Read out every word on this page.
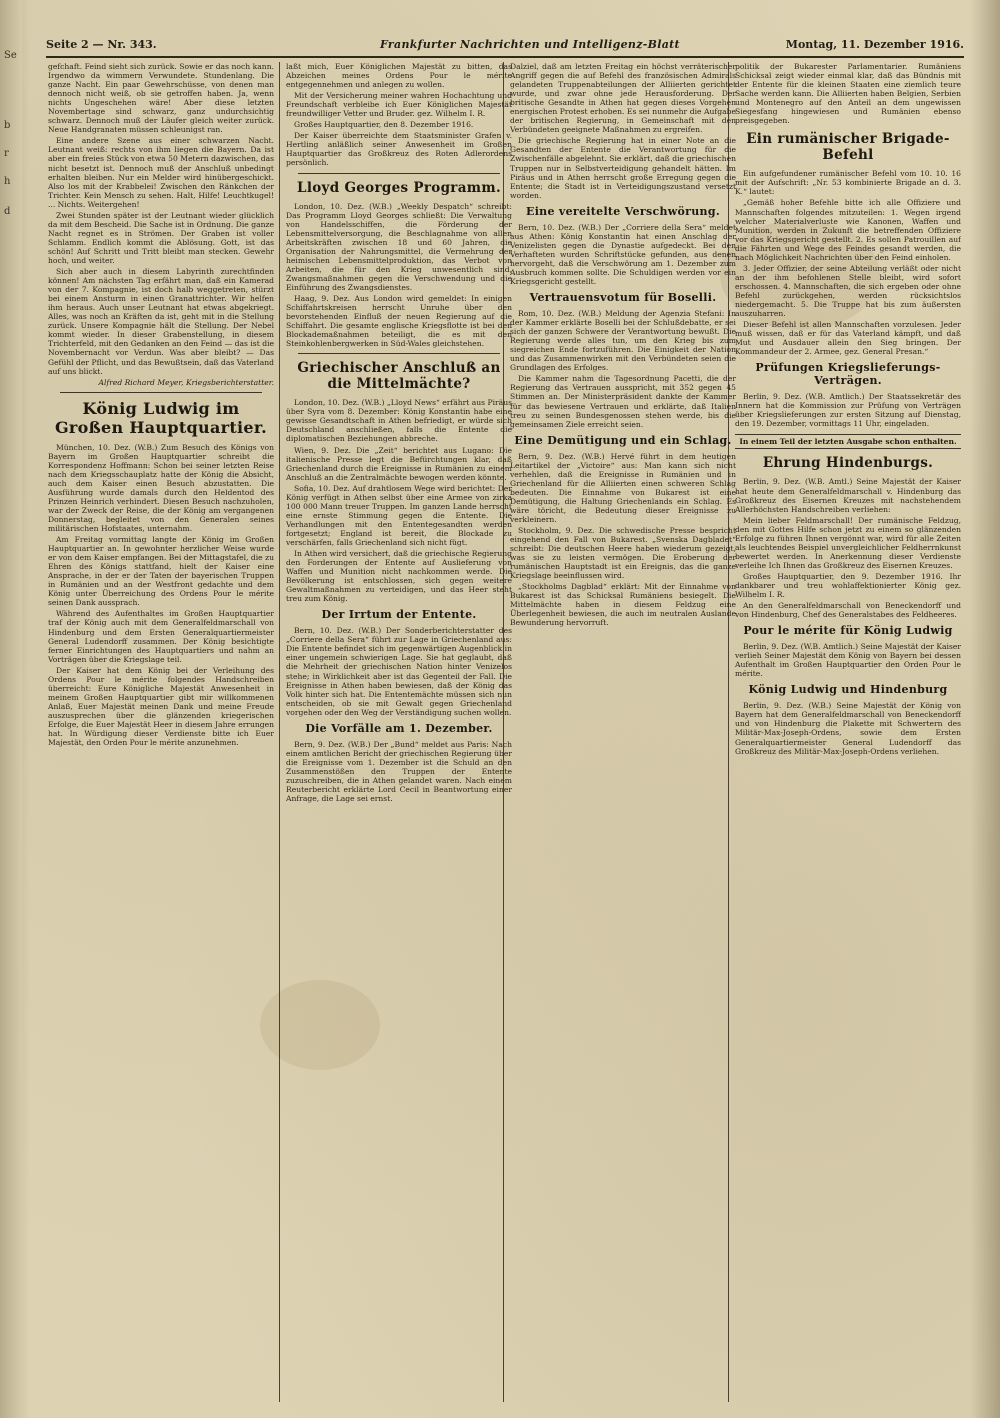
Se
b
r
h
d
Seite 2 — Nr. 343.	Frankfurter Nachrichten und Intelligenz-Blatt	Montag, 11. Dezember 1916.

gefchaft. Feind sieht sich zurück. Sowie er das noch kann. Irgendwo da wimmern Verwundete. Stundenlang. Die ganze Nacht. Ein paar Gewehrschüsse, von denen man dennoch nicht weiß, ob sie getroffen haben. Ja, wenn nichts Ungeschehen wäre! Aber diese letzten Novembertage sind schwarz, ganz undurchsichtig schwarz. Dennoch muß der Läufer gleich weiter zurück. Neue Handgranaten müssen schleunigst ran.

Eine andere Szene aus einer schwarzen Nacht. Leutnant weiß: rechts von ihm liegen die Bayern. Da ist aber ein freies Stück von etwa 50 Metern dazwischen, das nicht besetzt ist. Dennoch muß der Anschluß unbedingt erhalten bleiben. Nur ein Melder wird hinübergeschickt. Also los mit der Krabbelei! Zwischen den Ränkchen der Trichter. Kein Mensch zu sehen. Halt, Hilfe! Leuchtkugel! ... Nichts. Weitergehen!

Zwei Stunden später ist der Leutnant wieder glücklich da mit dem Bescheid. Die Sache ist in Ordnung. Die ganze Nacht regnet es in Strömen. Der Graben ist voller Schlamm. Endlich kommt die Ablösung. Gott, ist das schön! Auf Schritt und Tritt bleibt man stecken. Gewehr hoch, und weiter.

Sich aber auch in diesem Labyrinth zurechtfinden können! Am nächsten Tag erfährt man, daß ein Kamerad von der 7. Kompagnie, ist doch halb weggetreten, stürzt bei einem Ansturm in einen Granattrichter. Wir helfen ihm heraus. Auch unser Leutnant hat etwas abgekriegt. Alles, was noch an Kräften da ist, geht mit in die Stellung zurück. Unsere Kompagnie hält die Stellung. Der Nebel kommt wieder. In dieser Grabenstellung, in diesem Trichterfeld, mit den Gedanken an den Feind — das ist die Novembernacht vor Verdun. Was aber bleibt? — Das Gefühl der Pflicht, und das Bewußtsein, daß das Vaterland auf uns blickt.

Alfred Richard Meyer, Kriegsberichterstatter.
König Ludwig im Großen Hauptquartier.

München, 10. Dez. (W.B.) Zum Besuch des Königs von Bayern im Großen Hauptquartier schreibt die Korrespondenz Hoffmann: Schon bei seiner letzten Reise nach dem Kriegsschauplatz hatte der König die Absicht, auch dem Kaiser einen Besuch abzustatten. Die Ausführung wurde damals durch den Heldentod des Prinzen Heinrich verhindert. Diesen Besuch nachzuholen, war der Zweck der Reise, die der König am vergangenen Donnerstag, begleitet von den Generalen seines militärischen Hofstaates, unternahm.

Am Freitag vormittag langte der König im Großen Hauptquartier an. In gewohnter herzlicher Weise wurde er von dem Kaiser empfangen. Bei der Mittagstafel, die zu Ehren des Königs stattfand, hielt der Kaiser eine Ansprache, in der er der Taten der bayerischen Truppen in Rumänien und an der Westfront gedachte und dem König unter Überreichung des Ordens Pour le mérite seinen Dank aussprach.

Während des Aufenthaltes im Großen Hauptquartier traf der König auch mit dem Generalfeldmarschall von Hindenburg und dem Ersten Generalquartiermeister General Ludendorff zusammen. Der König besichtigte ferner Einrichtungen des Hauptquartiers und nahm an Vorträgen über die Kriegslage teil.

Der Kaiser hat dem König bei der Verleihung des Ordens Pour le mérite folgendes Handschreiben überreicht: Eure Königliche Majestät Anwesenheit in meinem Großen Hauptquartier gibt mir willkommenen Anlaß, Euer Majestät meinen Dank und meine Freude auszusprechen über die glänzenden kriegerischen Erfolge, die Euer Majestät Heer in diesem Jahre errungen hat. In Würdigung dieser Verdienste bitte ich Euer Majestät, den Orden Pour le mérite anzunehmen.

laßt mich, Euer Königlichen Majestät zu bitten, das Abzeichen meines Ordens Pour le mérite entgegennehmen und anlegen zu wollen.

Mit der Versicherung meiner wahren Hochachtung und Freundschaft verbleibe ich Euer Königlichen Majestät freundwilliger Vetter und Bruder. gez. Wilhelm I. R.

Großes Hauptquartier, den 8. Dezember 1916.

Der Kaiser überreichte dem Staatsminister Grafen v. Hertling anläßlich seiner Anwesenheit im Großen Hauptquartier das Großkreuz des Roten Adlerordens persönlich.

Lloyd Georges Programm.

London, 10. Dez. (W.B.) „Weekly Despatch“ schreibt: Das Programm Lloyd Georges schließt: Die Verwaltung von Handelsschiffen, die Förderung der Lebensmittelversorgung, die Beschlagnahme von allen Arbeitskräften zwischen 18 und 60 Jahren, die Organisation der Nahrungsmittel, die Vermehrung der heimischen Lebensmittelproduktion, das Verbot von Arbeiten, die für den Krieg unwesentlich sind, Zwangsmaßnahmen gegen die Verschwendung und die Einführung des Zwangsdienstes.

Haag, 9. Dez. Aus London wird gemeldet: In einigen Schiffahrtskreisen herrscht Unruhe über den bevorstehenden Einfluß der neuen Regierung auf die Schiffahrt. Die gesamte englische Kriegsflotte ist bei den Blockademaßnahmen beteiligt, die es mit den Steinkohlenbergwerken in Süd-Wales gleichstehen.

Griechischer Anschluß an die Mittelmächte?

London, 10. Dez. (W.B.) „Lloyd News“ erfährt aus Piräus über Syra vom 8. Dezember: König Konstantin habe eine gewisse Gesandtschaft in Athen befriedigt, er würde sich Deutschland anschließen, falls die Entente die diplomatischen Beziehungen abbreche.

Wien, 9. Dez. Die „Zeit“ berichtet aus Lugano: Die italienische Presse legt die Befürchtungen klar, daß Griechenland durch die Ereignisse in Rumänien zu einem Anschluß an die Zentralmächte bewogen werden könnte.

Sofia, 10. Dez. Auf drahtlosem Wege wird berichtet: Der König verfügt in Athen selbst über eine Armee von zirka 100 000 Mann treuer Truppen. Im ganzen Lande herrscht eine ernste Stimmung gegen die Entente. Die Verhandlungen mit den Ententegesandten werden fortgesetzt; England ist bereit, die Blockade zu verschärfen, falls Griechenland sich nicht fügt.

In Athen wird versichert, daß die griechische Regierung den Forderungen der Entente auf Auslieferung von Waffen und Munition nicht nachkommen werde. Die Bevölkerung ist entschlossen, sich gegen weitere Gewaltmaßnahmen zu verteidigen, und das Heer steht treu zum König.

Der Irrtum der Entente.

Bern, 10. Dez. (W.B.) Der Sonderberichterstatter des „Corriere della Sera“ führt zur Lage in Griechenland aus: Die Entente befindet sich im gegenwärtigen Augenblick in einer ungemein schwierigen Lage. Sie hat geglaubt, daß die Mehrheit der griechischen Nation hinter Venizelos stehe; in Wirklichkeit aber ist das Gegenteil der Fall. Die Ereignisse in Athen haben bewiesen, daß der König das Volk hinter sich hat. Die Ententemächte müssen sich nun entscheiden, ob sie mit Gewalt gegen Griechenland vorgehen oder den Weg der Verständigung suchen wollen.

Die Vorfälle am 1. Dezember.

Bern, 9. Dez. (W.B.) Der „Bund“ meldet aus Paris: Nach einem amtlichen Bericht der griechischen Regierung über die Ereignisse vom 1. Dezember ist die Schuld an den Zusammenstößen den Truppen der Entente zuzuschreiben, die in Athen gelandet waren. Nach einem Reuterbericht erklärte Lord Cecil in Beantwortung einer Anfrage, die Lage sei ernst.

Dalziel, daß am letzten Freitag ein höchst verräterischer Angriff gegen die auf Befehl des französischen Admirals gelandeten Truppenabteilungen der Alliierten gerichtet wurde, und zwar ohne jede Herausforderung. Der britische Gesandte in Athen hat gegen dieses Vorgehen energischen Protest erhoben. Es sei nunmehr die Aufgabe der britischen Regierung, in Gemeinschaft mit den Verbündeten geeignete Maßnahmen zu ergreifen.

Die griechische Regierung hat in einer Note an die Gesandten der Entente die Verantwortung für die Zwischenfälle abgelehnt. Sie erklärt, daß die griechischen Truppen nur in Selbstverteidigung gehandelt hätten. Im Piräus und in Athen herrscht große Erregung gegen die Entente; die Stadt ist in Verteidigungszustand versetzt worden.

Eine vereitelte Verschwörung.

Bern, 10. Dez. (W.B.) Der „Corriere della Sera“ meldet aus Athen: König Konstantin hat einen Anschlag der Venizelisten gegen die Dynastie aufgedeckt. Bei den Verhafteten wurden Schriftstücke gefunden, aus denen hervorgeht, daß die Verschwörung am 1. Dezember zum Ausbruch kommen sollte. Die Schuldigen werden vor ein Kriegsgericht gestellt.

Vertrauensvotum für Boselli.

Rom, 10. Dez. (W.B.) Meldung der Agenzia Stefani: In der Kammer erklärte Boselli bei der Schlußdebatte, er sei sich der ganzen Schwere der Verantwortung bewußt. Die Regierung werde alles tun, um den Krieg bis zum siegreichen Ende fortzuführen. Die Einigkeit der Nation und das Zusammenwirken mit den Verbündeten seien die Grundlagen des Erfolges.

Die Kammer nahm die Tagesordnung Pacetti, die der Regierung das Vertrauen ausspricht, mit 352 gegen 45 Stimmen an. Der Ministerpräsident dankte der Kammer für das bewiesene Vertrauen und erklärte, daß Italien treu zu seinen Bundesgenossen stehen werde, bis die gemeinsamen Ziele erreicht seien.

Eine Demütigung und ein Schlag.

Bern, 9. Dez. (W.B.) Hervé führt in dem heutigen Leitartikel der „Victoire“ aus: Man kann sich nicht verhehlen, daß die Ereignisse in Rumänien und in Griechenland für die Alliierten einen schweren Schlag bedeuten. Die Einnahme von Bukarest ist eine Demütigung, die Haltung Griechenlands ein Schlag. Es wäre töricht, die Bedeutung dieser Ereignisse zu verkleinern.

Stockholm, 9. Dez. Die schwedische Presse bespricht eingehend den Fall von Bukarest. „Svenska Dagbladet“ schreibt: Die deutschen Heere haben wiederum gezeigt, was sie zu leisten vermögen. Die Eroberung der rumänischen Hauptstadt ist ein Ereignis, das die ganze Kriegslage beeinflussen wird.

„Stockholms Dagblad“ erklärt: Mit der Einnahme von Bukarest ist das Schicksal Rumäniens besiegelt. Die Mittelmächte haben in diesem Feldzug eine Überlegenheit bewiesen, die auch im neutralen Auslande Bewunderung hervorruft.

politik der Bukarester Parlamentarier. Rumäniens Schicksal zeigt wieder einmal klar, daß das Bündnis mit der Entente für die kleinen Staaten eine ziemlich teure Sache werden kann. Die Alliierten haben Belgien, Serbien und Montenegro auf den Anteil an dem ungewissen Siegesfang hingewiesen und Rumänien ebenso preisgegeben.

Ein rumänischer Brigade-Befehl

Ein aufgefundener rumänischer Befehl vom 10. 10. 16 mit der Aufschrift: „Nr. 53 kombinierte Brigade an d. 3. K.“ lautet:

„Gemäß hoher Befehle bitte ich alle Offiziere und Mannschaften folgendes mitzuteilen: 1. Wegen irgend welcher Materialverluste wie Kanonen, Waffen und Munition, werden in Zukunft die betreffenden Offiziere vor das Kriegsgericht gestellt. 2. Es sollen Patrouillen auf die Fährten und Wege des Feindes gesandt werden, die nach Möglichkeit Nachrichten über den Feind einholen.

3. Jeder Offizier, der seine Abteilung verläßt oder nicht an der ihm befohlenen Stelle bleibt, wird sofort erschossen. 4. Mannschaften, die sich ergeben oder ohne Befehl zurückgehen, werden rücksichtslos niedergemacht. 5. Die Truppe hat bis zum äußersten auszuharren.

Dieser Befehl ist allen Mannschaften vorzulesen. Jeder muß wissen, daß er für das Vaterland kämpft, und daß Mut und Ausdauer allein den Sieg bringen. Der Kommandeur der 2. Armee, gez. General Presan.“

Prüfungen Kriegslieferungs-Verträgen.

Berlin, 9. Dez. (W.B. Amtlich.) Der Staatssekretär des Innern hat die Kommission zur Prüfung von Verträgen über Kriegslieferungen zur ersten Sitzung auf Dienstag, den 19. Dezember, vormittags 11 Uhr, eingeladen.

In einem Teil der letzten Ausgabe schon enthalten.
Ehrung Hindenburgs.

Berlin, 9. Dez. (W.B. Amtl.) Seine Majestät der Kaiser hat heute dem Generalfeldmarschall v. Hindenburg das Großkreuz des Eisernen Kreuzes mit nachstehendem Allerhöchsten Handschreiben verliehen:

Mein lieber Feldmarschall! Der rumänische Feldzug, den mit Gottes Hilfe schon jetzt zu einem so glänzenden Erfolge zu führen Ihnen vergönnt war, wird für alle Zeiten als leuchtendes Beispiel unvergleichlicher Feldherrnkunst bewertet werden. In Anerkennung dieser Verdienste verleihe Ich Ihnen das Großkreuz des Eisernen Kreuzes.

Großes Hauptquartier, den 9. Dezember 1916. Ihr dankbarer und treu wohlaffektionierter König gez. Wilhelm I. R.

An den Generalfeldmarschall von Beneckendorff und von Hindenburg, Chef des Generalstabes des Feldheeres.

Pour le mérite für König Ludwig

Berlin, 9. Dez. (W.B. Amtlich.) Seine Majestät der Kaiser verlieh Seiner Majestät dem König von Bayern bei dessen Aufenthalt im Großen Hauptquartier den Orden Pour le mérite.

König Ludwig und Hindenburg

Berlin, 9. Dez. (W.B.) Seine Majestät der König von Bayern hat dem Generalfeldmarschall von Beneckendorff und von Hindenburg die Plakette mit Schwertern des Militär-Max-Joseph-Ordens, sowie dem Ersten Generalquartiermeister General Ludendorff das Großkreuz des Militär-Max-Joseph-Ordens verliehen.
